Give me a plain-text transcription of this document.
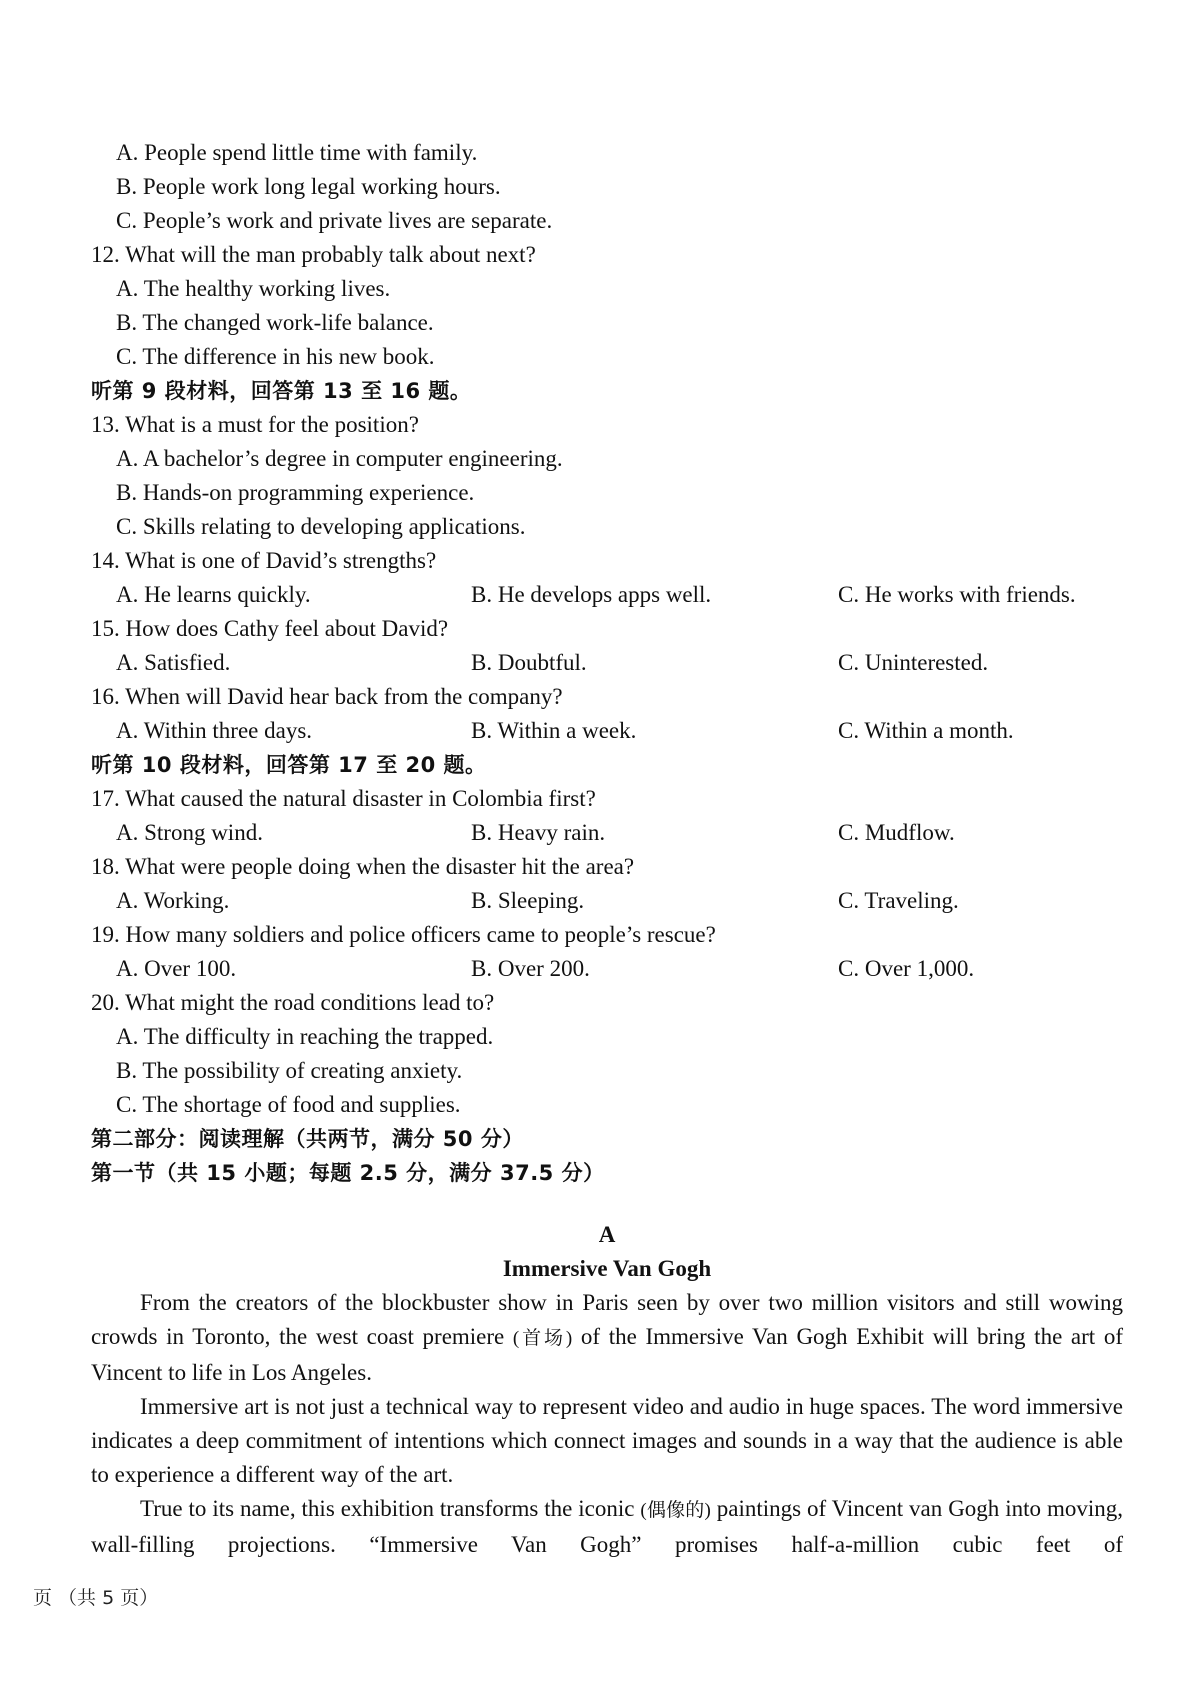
A. People spend little time with family.
B. People work long legal working hours.
C. People’s work and private lives are separate.
12. What will the man probably talk about next?
A. The healthy working lives.
B. The changed work-life balance.
C. The difference in his new book.
听第 9 段材料，回答第 13 至 16 题。
13. What is a must for the position?
A. A bachelor’s degree in computer engineering.
B. Hands-on programming experience.
C. Skills relating to developing applications.
14. What is one of David’s strengths?
A. He learns quickly.	B. He develops apps well.	C. He works with friends.
15. How does Cathy feel about David?
A. Satisfied.	B. Doubtful.	C. Uninterested.
16. When will David hear back from the company?
A. Within three days.	B. Within a week.	C. Within a month.
听第 10 段材料，回答第 17 至 20 题。
17. What caused the natural disaster in Colombia first?
A. Strong wind.	B. Heavy rain.	C. Mudflow.
18. What were people doing when the disaster hit the area?
A. Working.	B. Sleeping.	C. Traveling.
19. How many soldiers and police officers came to people’s rescue?
A. Over 100.	B. Over 200.	C. Over 1,000.
20. What might the road conditions lead to?
A. The difficulty in reaching the trapped.
B. The possibility of creating anxiety.
C. The shortage of food and supplies.
第二部分：阅读理解（共两节，满分 50 分）
第一节（共 15 小题；每题 2.5 分，满分 37.5 分）
A
Immersive Van Gogh

From the creators of the blockbuster show in Paris seen by over two million visitors and still wowing crowds in Toronto, the west coast premiere (首场) of the Immersive Van Gogh Exhibit will bring the art of Vincent to life in Los Angeles.

Immersive art is not just a technical way to represent video and audio in huge spaces. The word immersive indicates a deep commitment of intentions which connect images and sounds in a way that the audience is able to experience a different way of the art.

True to its name, this exhibition transforms the iconic (偶像的) paintings of Vincent van Gogh into moving, wall-filling projections. “Immersive Van Gogh” promises half-a-million cubic feet of

页 （共 5 页）
